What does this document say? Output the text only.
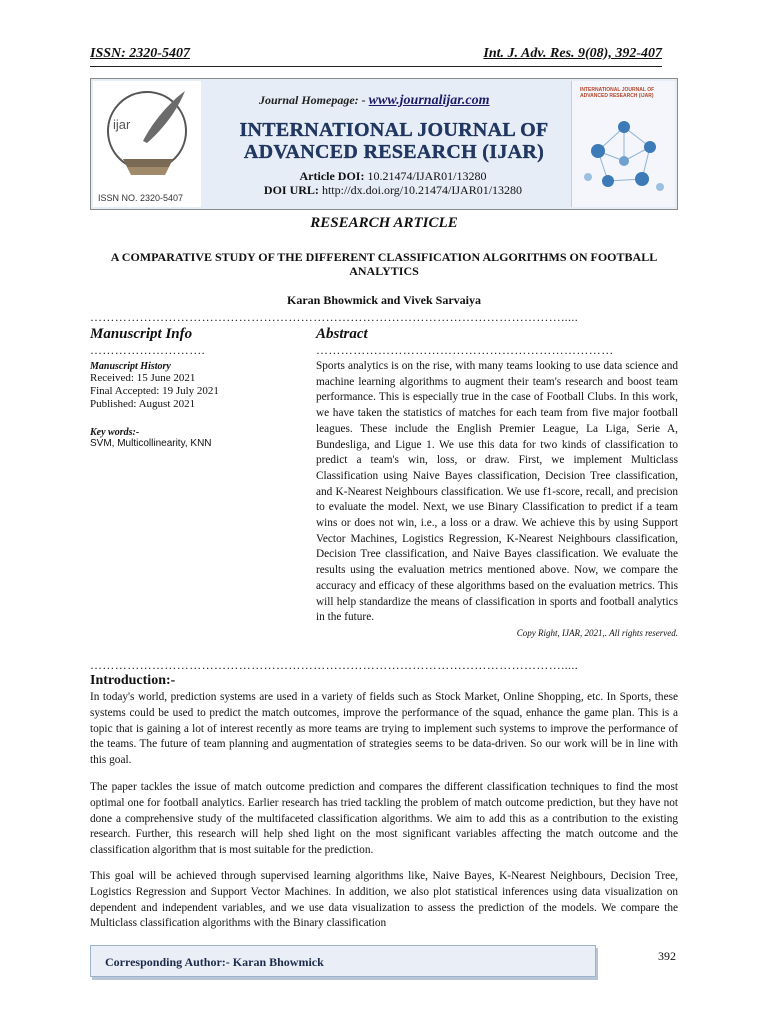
ISSN: 2320-5407	Int. J. Adv. Res. 9(08), 392-407
ijar
ISSN NO. 2320-5407
Journal Homepage: - www.journalijar.com
INTERNATIONAL JOURNAL OF
ADVANCED RESEARCH (IJAR)
Article DOI: 10.21474/IJAR01/13280
DOI URL: http://dx.doi.org/10.21474/IJAR01/13280
INTERNATIONAL JOURNAL OF ADVANCED RESEARCH (IJAR)
RESEARCH ARTICLE
A COMPARATIVE STUDY OF THE DIFFERENT CLASSIFICATION ALGORITHMS ON FOOTBALL ANALYTICS
Karan Bhowmick and Vivek Sarvaiya
…………………………………………………………………………………………………….....
Manuscript Info
……………………….
Manuscript History
Received: 15 June 2021
Final Accepted: 19 July 2021
Published: August 2021
Key words:-
SVM, Multicollinearity, KNN
Abstract
………………………………………………………………
Sports analytics is on the rise, with many teams looking to use data science and machine learning algorithms to augment their team's research and boost team performance. This is especially true in the case of Football Clubs. In this work, we have taken the statistics of matches for each team from five major football leagues. These include the English Premier League, La Liga, Serie A, Bundesliga, and Ligue 1. We use this data for two kinds of classification to predict a team's win, loss, or draw. First, we implement Multiclass Classification using Naive Bayes classification, Decision Tree classification, and K-Nearest Neighbours classification. We use f1-score, recall, and precision to evaluate the model. Next, we use Binary Classification to predict if a team wins or does not win, i.e., a loss or a draw. We achieve this by using Support Vector Machines, Logistics Regression, K-Nearest Neighbours classification, Decision Tree classification, and Naive Bayes classification. We evaluate the results using the evaluation metrics mentioned above. Now, we compare the accuracy and efficacy of these algorithms based on the evaluation metrics. This will help standardize the means of classification in sports and football analytics in the future.
Copy Right, IJAR, 2021,. All rights reserved.
…………………………………………………………………………………………………….....
Introduction:-
In today's world, prediction systems are used in a variety of fields such as Stock Market, Online Shopping, etc. In Sports, these systems could be used to predict the match outcomes, improve the performance of the squad, enhance the game plan. This is a topic that is gaining a lot of interest recently as more teams are trying to implement such systems to improve the performance of the teams. The future of team planning and augmentation of strategies seems to be data-driven. So our work will be in line with this goal.
The paper tackles the issue of match outcome prediction and compares the different classification techniques to find the most optimal one for football analytics. Earlier research has tried tackling the problem of match outcome prediction, but they have not done a comprehensive study of the multifaceted classification algorithms. We aim to add this as a contribution to the existing research. Further, this research will help shed light on the most significant variables affecting the match outcome and the classification algorithm that is most suitable for the prediction.
This goal will be achieved through supervised learning algorithms like, Naive Bayes, K-Nearest Neighbours, Decision Tree, Logistics Regression and Support Vector Machines. In addition, we also plot statistical inferences using data visualization on dependent and independent variables, and we use data visualization to assess the prediction of the models. We compare the Multiclass classification algorithms with the Binary classification
Corresponding Author:- Karan Bhowmick	392
